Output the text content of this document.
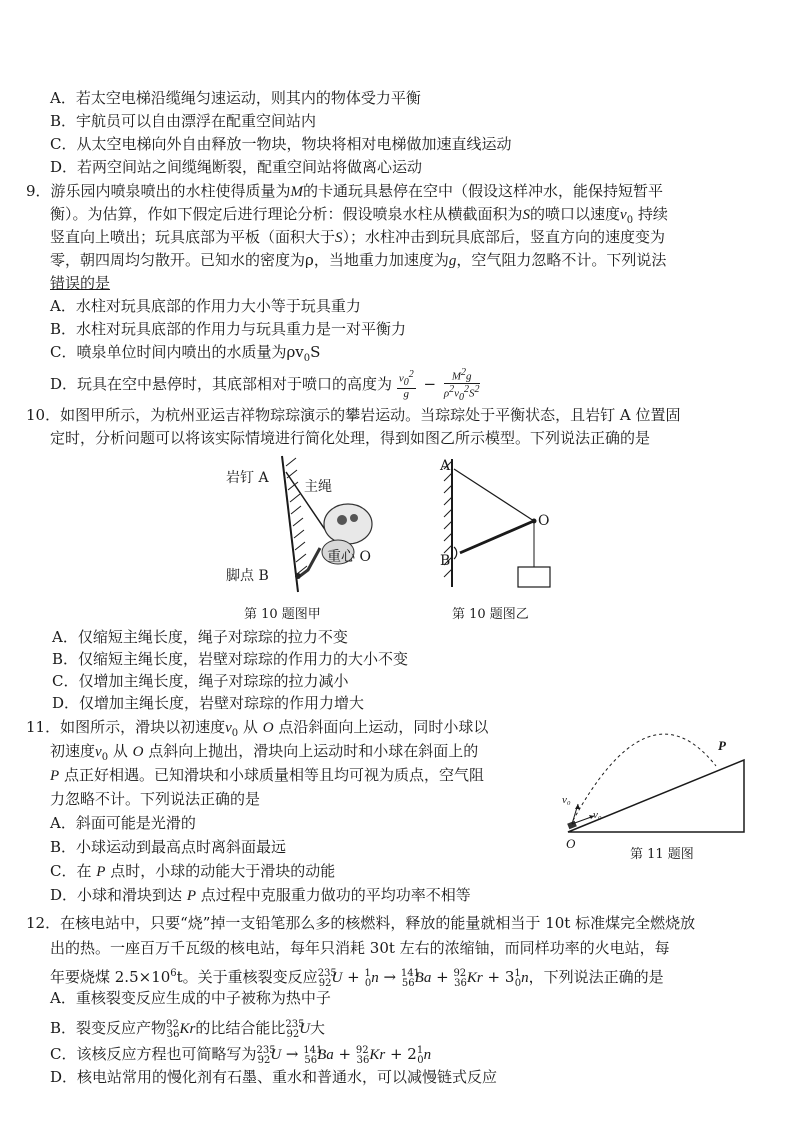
A．若太空电梯沿缆绳匀速运动，则其内的物体受力平衡
B．宇航员可以自由漂浮在配重空间站内
C．从太空电梯向外自由释放一物块，物块将相对电梯做加速直线运动
D．若两空间站之间缆绳断裂，配重空间站将做离心运动
9．游乐园内喷泉喷出的水柱使得质量为M的卡通玩具悬停在空中（假设这样冲水，能保持短暂平
衡）。为估算，作如下假定后进行理论分析：假设喷泉水柱从横截面积为S的喷口以速度$v_0$ 持续
竖直向上喷出；玩具底部为平板（面积大于S）；水柱冲击到玩具底部后，竖直方向的速度变为
零，朝四周均匀散开。已知水的密度为ρ，当地重力加速度为g，空气阻力忽略不计。下列说法
错误的是
A．水柱对玩具底部的作用力大小等于玩具重力
B．水柱对玩具底部的作用力与玩具重力是一对平衡力
C．喷泉单位时间内喷出的水质量为$\rho v_0S$
D．玩具在空中悬停时，其底部相对于喷口的高度为 $\frac{v_0^2}{g} - \frac{M^2g}{\rho^2v_0^2S^2}$
10．如图甲所示，为杭州亚运吉祥物琮琮演示的攀岩运动。当琮琮处于平衡状态，且岩钉 A 位置固
定时，分析问题可以将该实际情境进行简化处理，得到如图乙所示模型。下列说法正确的是
岩钉 A
主绳
重心 O
脚点 B
第 10 题图甲
A
O
B
第 10 题图乙
A．仅缩短主绳长度，绳子对琮琮的拉力不变
B．仅缩短主绳长度，岩壁对琮琮的作用力的大小不变
C．仅增加主绳长度，绳子对琮琮的拉力减小
D．仅增加主绳长度，岩壁对琮琮的作用力增大
11．如图所示，滑块以初速度$v_0$ 从 O 点沿斜面向上运动，同时小球以
初速度$v_0$ 从 O 点斜向上抛出，滑块向上运动时和小球在斜面上的
P 点正好相遇。已知滑块和小球质量相等且均可视为质点，空气阻
力忽略不计。下列说法正确的是
A．斜面可能是光滑的
B．小球运动到最高点时离斜面最远
C．在 P 点时，小球的动能大于滑块的动能
D．小球和滑块到达 P 点过程中克服重力做功的平均功率不相等
P
O
v₀
v₀
第 11 题图
12．在核电站中，只要“烧”掉一支铅笔那么多的核燃料，释放的能量就相当于 10t 标准煤完全燃烧放
出的热。一座百万千瓦级的核电站，每年只消耗 30t 左右的浓缩铀，而同样功率的火电站，每
年要烧煤 $2.5\times 10^6t$。关于重核裂变反应$^{235}_{92}U + ^1_0n \to ^{141}_{56}Ba + ^{92}_{36}Kr + 3^1_0n$，下列说法正确的是
A．重核裂变反应生成的中子被称为热中子
B．裂变反应产物$^{92}_{36}$Kr的比结合能比$^{235}_{92}$U大
C．该核反应方程也可简略写为$^{235}_{92}U \to ^{141}_{56}Ba + ^{92}_{36}Kr + 2^1_0n$
D．核电站常用的慢化剂有石墨、重水和普通水，可以减慢链式反应
